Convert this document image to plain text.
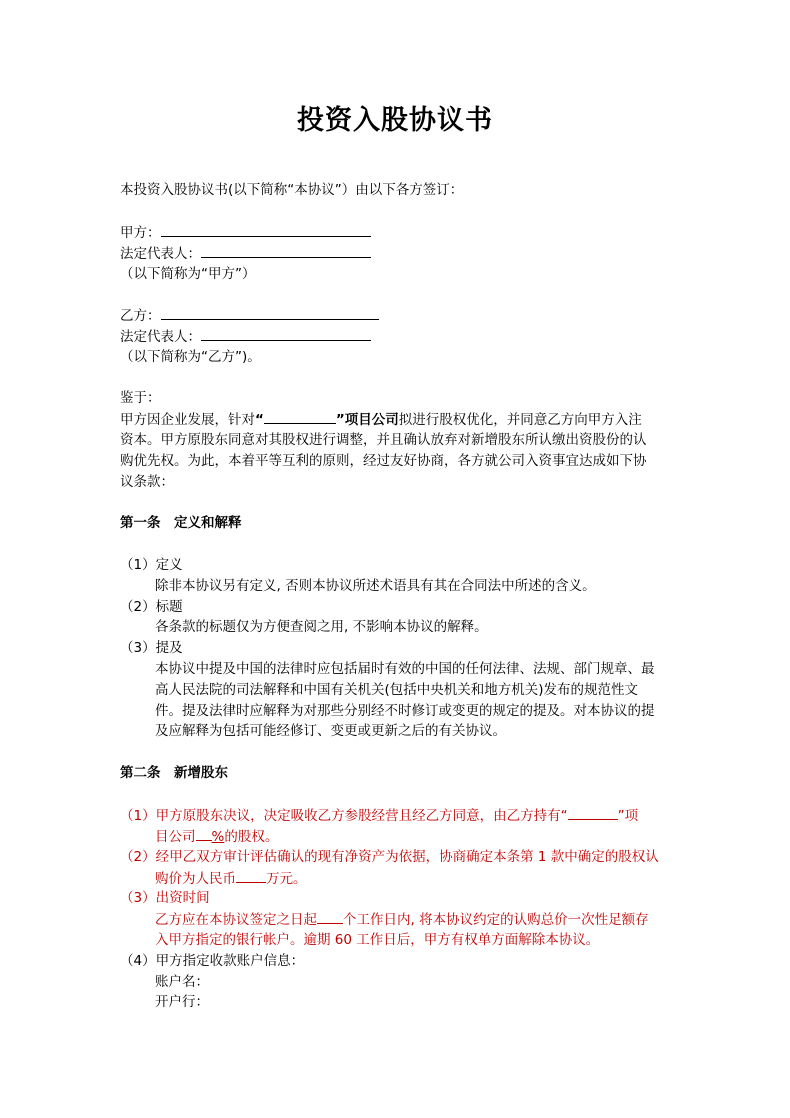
投资入股协议书
本投资入股协议书(以下简称“本协议”）由以下各方签订：
甲方：
法定代表人：
（以下简称为“甲方”）
乙方：
法定代表人：
（以下简称为“乙方”)。
鉴于：
甲方因企业发展，针对“	”项目公司拟进行股权优化，并同意乙方向甲方入注
资本。甲方原股东同意对其股权进行调整，并且确认放弃对新增股东所认缴出资股份的认
购优先权。为此，本着平等互利的原则，经过友好协商，各方就公司入资事宜达成如下协
议条款：
第一条　定义和解释
（1）定义
除非本协议另有定义, 否则本协议所述术语具有其在合同法中所述的含义。
（2）标题
各条款的标题仅为方便查阅之用, 不影响本协议的解释。
（3）提及
本协议中提及中国的法律时应包括届时有效的中国的任何法律、法规、部门规章、最
高人民法院的司法解释和中国有关机关(包括中央机关和地方机关)发布的规范性文
件。提及法律时应解释为对那些分别经不时修订或变更的规定的提及。对本协议的提
及应解释为包括可能经修订、变更或更新之后的有关协议。
第二条　新增股东
（1）甲方原股东决议，决定吸收乙方参股经营且经乙方同意，由乙方持有“	”项
目公司 %的股权。
（2）经甲乙双方审计评估确认的现有净资产为依据，协商确定本条第 1 款中确定的股权认
购价为人民币 万元。
（3）出资时间
乙方应在本协议签定之日起 个工作日内, 将本协议约定的认购总价一次性足额存
入甲方指定的银行帐户。逾期 60 工作日后，甲方有权单方面解除本协议。
（4）甲方指定收款账户信息：
账户名：
开户行：
